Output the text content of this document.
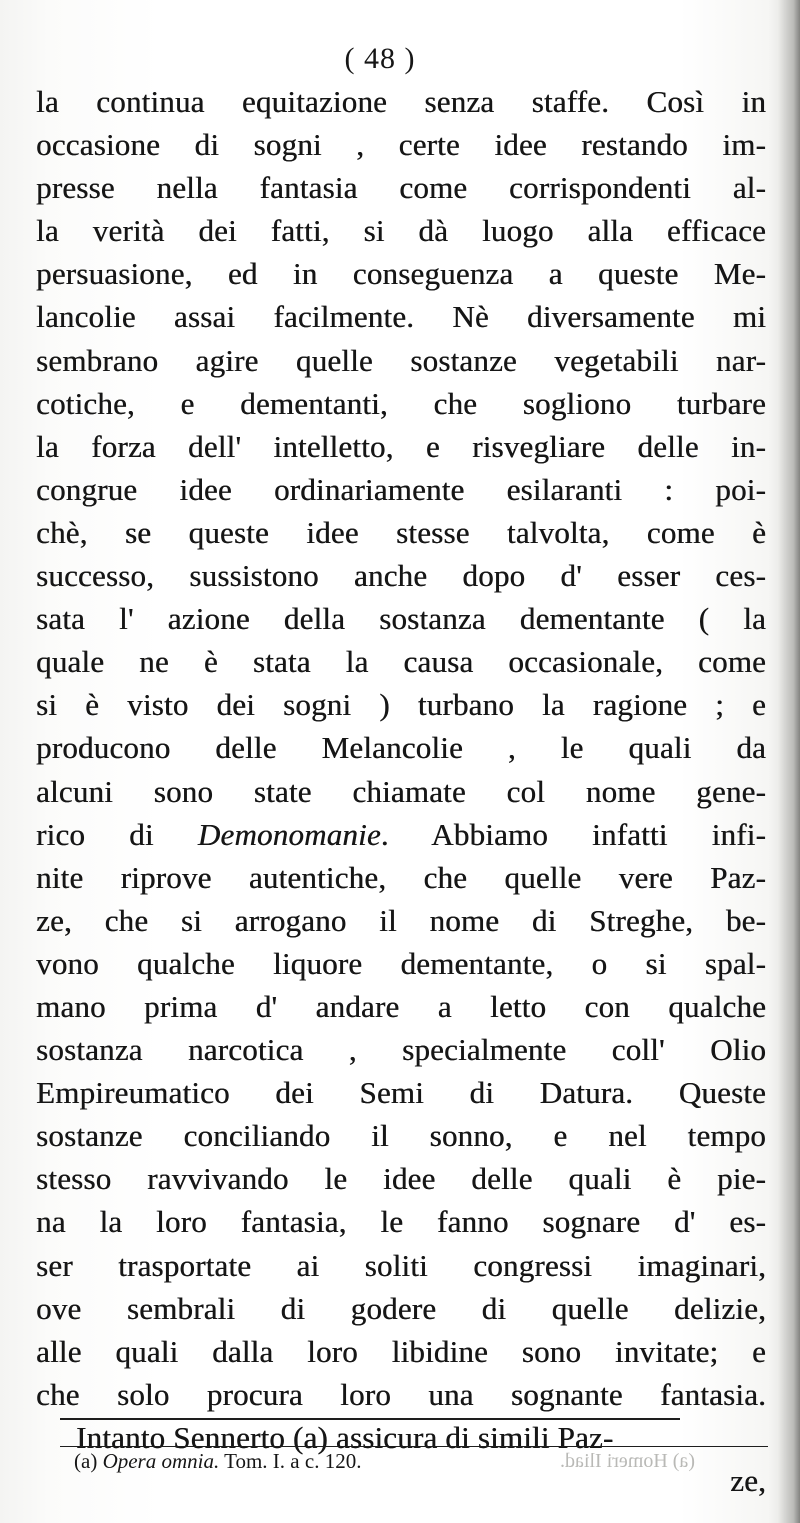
( 48 )
la continua equitazione senza staffe. Così in
occasione di sogni , certe idee restando im-
presse nella fantasia come corrispondenti al-
la verità dei fatti, si dà luogo alla efficace
persuasione, ed in conseguenza a queste Me-
lancolie assai facilmente. Nè diversamente mi
sembrano agire quelle sostanze vegetabili nar-
cotiche, e dementanti, che sogliono turbare
la forza dell' intelletto, e risvegliare delle in-
congrue idee ordinariamente esilaranti : poi-
chè, se queste idee stesse talvolta, come è
successo, sussistono anche dopo d' esser ces-
sata l' azione della sostanza dementante ( la
quale ne è stata la causa occasionale, come
si è visto dei sogni ) turbano la ragione ; e
producono delle Melancolie , le quali da
alcuni sono state chiamate col nome gene-
rico di Demonomanie. Abbiamo infatti infi-
nite riprove autentiche, che quelle vere Paz-
ze, che si arrogano il nome di Streghe, be-
vono qualche liquore dementante, o si spal-
mano prima d' andare a letto con qualche
sostanza narcotica , specialmente coll' Olio
Empireumatico dei Semi di Datura. Queste
sostanze conciliando il sonno, e nel tempo
stesso ravvivando le idee delle quali è pie-
na la loro fantasia, le fanno sognare d' es-
ser trasportate ai soliti congressi imaginari,
ove sembrali di godere di quelle delizie,
alle quali dalla loro libidine sono invitate; e
che solo procura loro una sognante fantasia.
Intanto Sennerto (a) assicura di simili Paz-
ze,
(a) Opera omnia. Tom. I. a c. 120.	(a) Homeri Iliad.
